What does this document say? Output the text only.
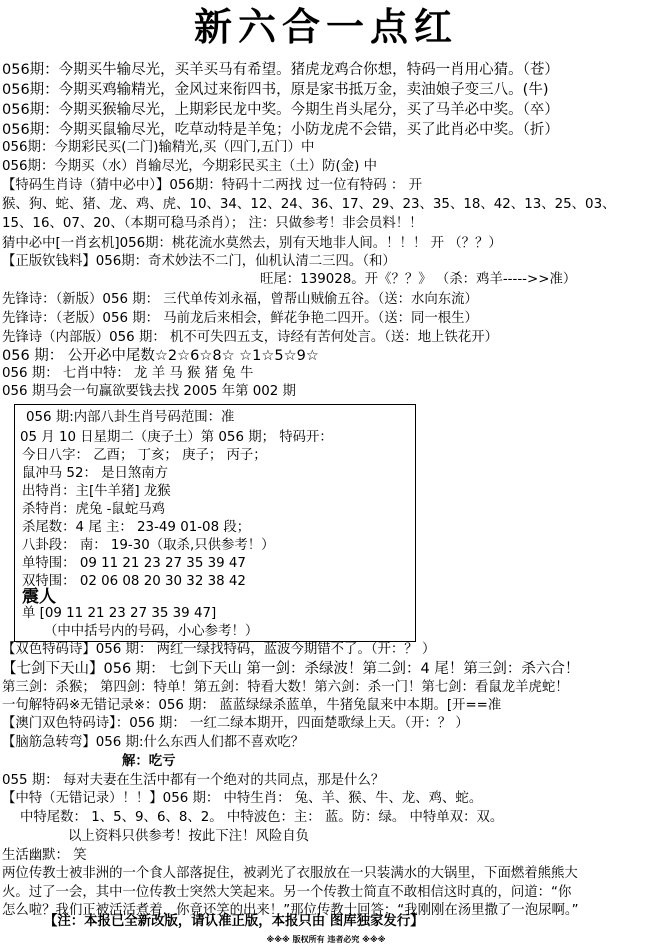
新六合一点红
056期：今期买牛输尽光，买羊买马有希望。猪虎龙鸡合你想，特码一肖用心猜。（苍）
056期：今期买鸡输精光，金风过来衔四书，原是家书抵万金，卖油娘子变三八。(牛)
056期：今期买猴输尽光，上期彩民龙中奖。今期生肖头尾分，买了马羊必中奖。（卒）
056期：今期买鼠输尽光，吃草动特是羊兔；小防龙虎不会错，买了此肖必中奖。（折）
056期：今期彩民买(二门)输精光,买（四门,五门）中
056期：今期买（水）肖输尽光，今期彩民买主（土）防(金) 中
【特码生肖诗（猜中必中）】056期：特码十二两找 过一位有特码 ： 开
猴、狗、蛇、猪、龙、鸡、虎、10、34、12、24、36、17、29、23、35、18、42、13、25、03、
15、16、07、20、（本期可稳马杀肖）； 注：只做参考！非会员料！！
猜中必中[一肖玄机]056期：桃花流水莫然去，别有天地非人间。！！！ 开 （？？）
【正版钦钱料】056期：奇术妙法不二门，仙机认清二三四。（和）
旺尾：139028。开《？？》 （杀：鸡羊----->>准）
先锋诗：（新版）056 期： 三代单传刘永福，曾帮山贼偷五谷。（送：水向东流）
先锋诗：（老版）056 期： 马前龙后来相会，鲜花争艳二四开。（送：同一根生）
先锋诗（内部版）056 期： 机不可失四五支，诗经有苦何处言。（送：地上铁花开）
056 期： 公开必中尾数☆2☆6☆8☆ ☆1☆5☆9☆
056 期： 七肖中特： 龙 羊 马 猴 猪 兔 牛
056 期马会一句赢欲要钱去找 2005 年第 002 期
056 期:内部八卦生肖号码范围：准
05 月 10 日星期二（庚子土）第 056 期； 特码开：
今日八字： 乙酉； 丁亥； 庚子； 丙子；
鼠冲马 52： 是日煞南方
出特肖：主[牛羊猪] 龙猴
杀特肖：虎兔 -鼠蛇马鸡
杀尾数：4 尾 主： 23-49 01-08 段；
八卦段： 南： 19-30（取杀,只供参考！）
单特围： 09 11 21 23 27 35 39 47
双特围： 02 06 08 20 30 32 38 42
震人
单 [09 11 21 23 27 35 39 47]
（中中括号内的号码，小心参考！）
【双色特码诗】056 期： 两红一绿找特码，蓝波今期错不了。（开：？ ）
【七剑下天山】056 期： 七剑下天山 第一剑：杀绿波！第二剑：4 尾！第三剑：杀六合！
第三剑：杀猴； 第四剑：特单！第五剑：特看大数！第六剑：杀一门！第七剑：看鼠龙羊虎蛇！
一句解特码※无错记录※：056 期： 蓝蓝绿绿杀蓝单，牛猪兔鼠来中本期。[开==准
【澳门双色特码诗】：056 期： 一红二绿本期开，四面楚歌绿上天。（开：？ ）
【脑筋急转弯】056 期:什么东西人们都不喜欢吃？
解：吃亏
055 期： 每对夫妻在生活中都有一个绝对的共同点，那是什么？
【中特（无错记录）！！】056 期： 中特生肖： 兔、羊、猴、牛、龙、鸡、蛇。
中特尾数： 1、5、9、6、8、2。 中特波色：主： 蓝。防：绿。 中特单双：双。
以上资料只供参考！按此下注！风险自负
生活幽默： 笑
两位传教士被非洲的一个食人部落捉住，被剥光了衣服放在一只装满水的大锅里，下面燃着熊熊大
火。过了一会，其中一位传教士突然大笑起来。另一个传教士简直不敢相信这时真的，问道：“你
怎么啦？我们正被活活煮着，你竟还笑的出来！”那位传教士回答：“我刚刚在汤里撒了一泡尿啊。”
【注：本报已全新改版，请认准正版，本报只由 图库独家发行】
※※※ 版权所有 违者必究 ※※※
